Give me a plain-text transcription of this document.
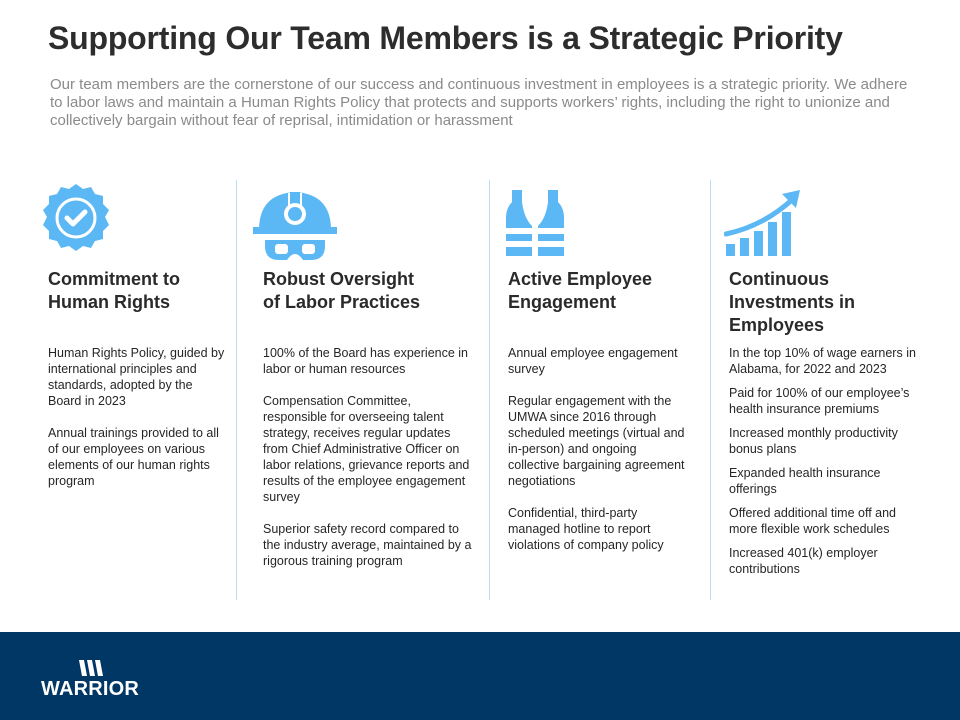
Supporting Our Team Members is a Strategic Priority

Our team members are the cornerstone of our success and continuous investment in employees is a strategic priority. We adhere to labor laws and maintain a Human Rights Policy that protects and supports workers’ rights, including the right to unionize and collectively bargain without fear of reprisal, intimidation or harassment

Commitment to
Human Rights

Human Rights Policy, guided by international principles and standards, adopted by the Board in 2023

Annual trainings provided to all of our employees on various elements of our human rights program

Robust Oversight
of Labor Practices

100% of the Board has experience in labor or human resources

Compensation Committee, responsible for overseeing talent strategy, receives regular updates from Chief Administrative Officer on labor relations, grievance reports and results of the employee engagement survey

Superior safety record compared to the industry average, maintained by a rigorous training program

Active Employee
Engagement

Annual employee engagement survey

Regular engagement with the UMWA since 2016 through scheduled meetings (virtual and in-person) and ongoing collective bargaining agreement negotiations

Confidential, third-party managed hotline to report violations of company policy

Continuous
Investments in
Employees

In the top 10% of wage earners in Alabama, for 2022 and 2023

Paid for 100% of our employee’s health insurance premiums

Increased monthly productivity bonus plans

Expanded health insurance offerings

Offered additional time off and more flexible work schedules

Increased 401(k) employer contributions

WARRIOR
